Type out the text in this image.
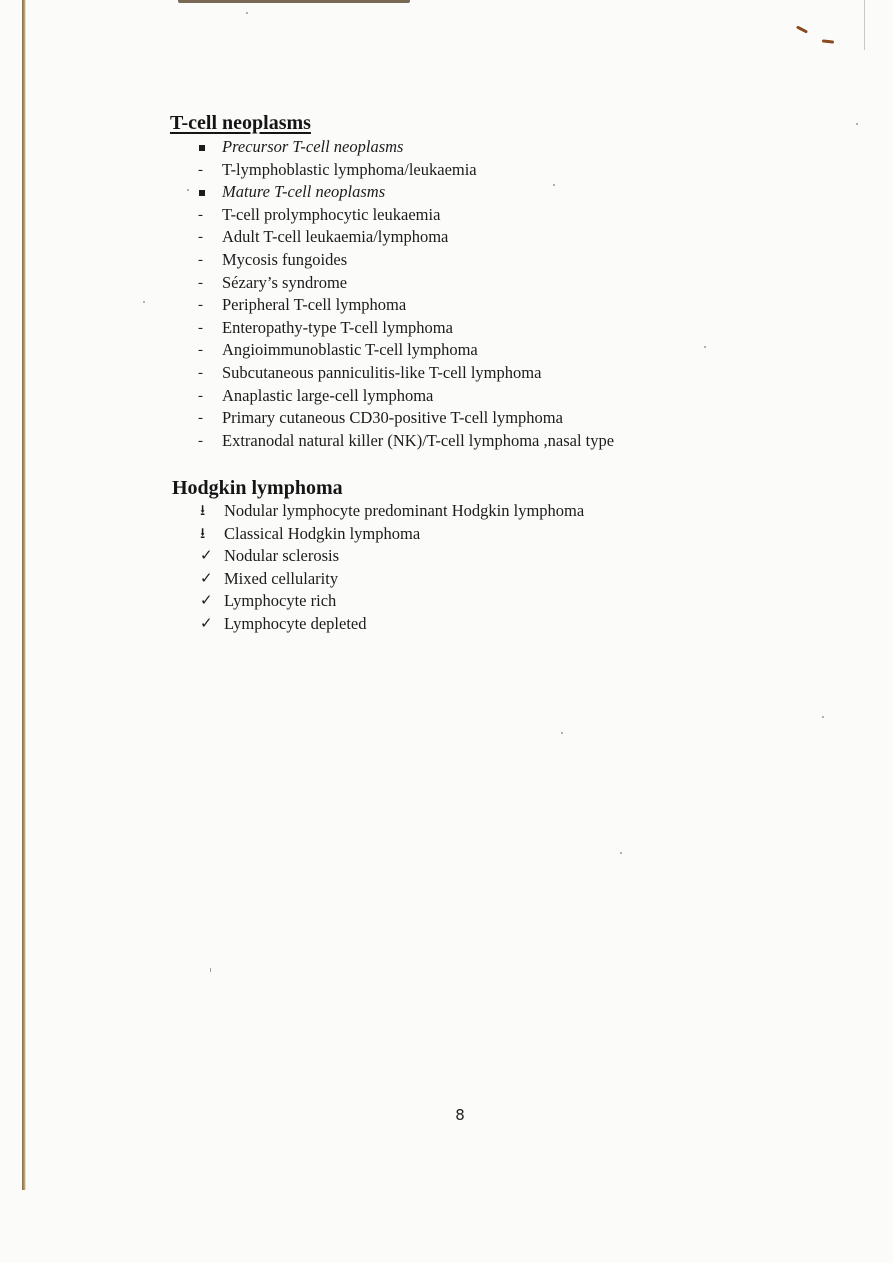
T-cell neoplasms
Precursor T-cell neoplasms
-	T-lymphoblastic lymphoma/leukaemia
Mature T-cell neoplasms
-	T-cell prolymphocytic leukaemia
-	Adult T-cell leukaemia/lymphoma
-	Mycosis fungoides
-	Sézary’s syndrome
-	Peripheral T-cell lymphoma
-	Enteropathy-type T-cell lymphoma
-	Angioimmunoblastic T-cell lymphoma
-	Subcutaneous panniculitis-like T-cell lymphoma
-	Anaplastic large-cell lymphoma
-	Primary cutaneous CD30-positive T-cell lymphoma
-	Extranodal natural killer (NK)/T-cell lymphoma ,nasal type
Hodgkin lymphoma
⭳	Nodular lymphocyte predominant Hodgkin lymphoma
⭳	Classical Hodgkin lymphoma
✓ Nodular sclerosis
✓ Mixed cellularity
✓ Lymphocyte rich
✓ Lymphocyte depleted
8
